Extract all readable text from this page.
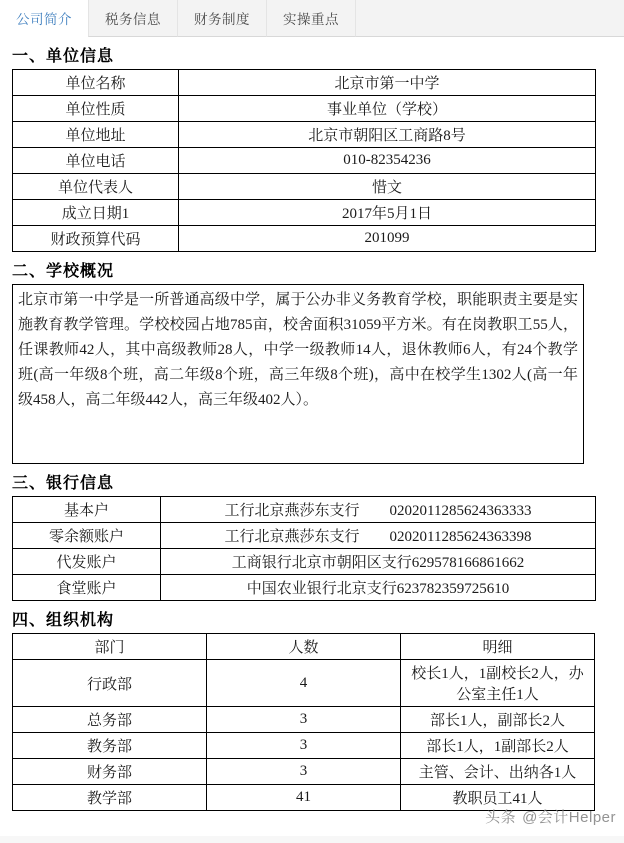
公司简介 税务信息 财务制度 实操重点
一、单位信息
单位名称	北京市第一中学
单位性质	事业单位（学校）
单位地址	北京市朝阳区工商路8号
单位电话	010-82354236
单位代表人	惜文
成立日期1	2017年5月1日
财政预算代码	201099
二、学校概况
北京市第一中学是一所普通高级中学，属于公办非义务教育学校，职能职责主要是实施教育教学管理。学校校园占地785亩，校舍面积31059平方米。有在岗教职工55人，任课教师42人，其中高级教师28人，中学一级教师14人，退休教师6人，有24个教学班(高一年级8个班，高二年级8个班，高三年级8个班)，高中在校学生1302人(高一年级458人，高二年级442人，高三年级402人）。
三、银行信息
基本户	工行北京燕莎东支行 0202011285624363333
零余额账户	工行北京燕莎东支行 0202011285624363398
代发账户	工商银行北京市朝阳区支行629578166861662
食堂账户	中国农业银行北京支行623782359725610
四、组织机构
部门	人数	明细
行政部	4	校长1人，1副校长2人，办公室主任1人
总务部	3	部长1人，副部长2人
教务部	3	部长1人，1副部长2人
财务部	3	主管、会计、出纳各1人
教学部	41	教职员工41人
头条 @会计Helper
